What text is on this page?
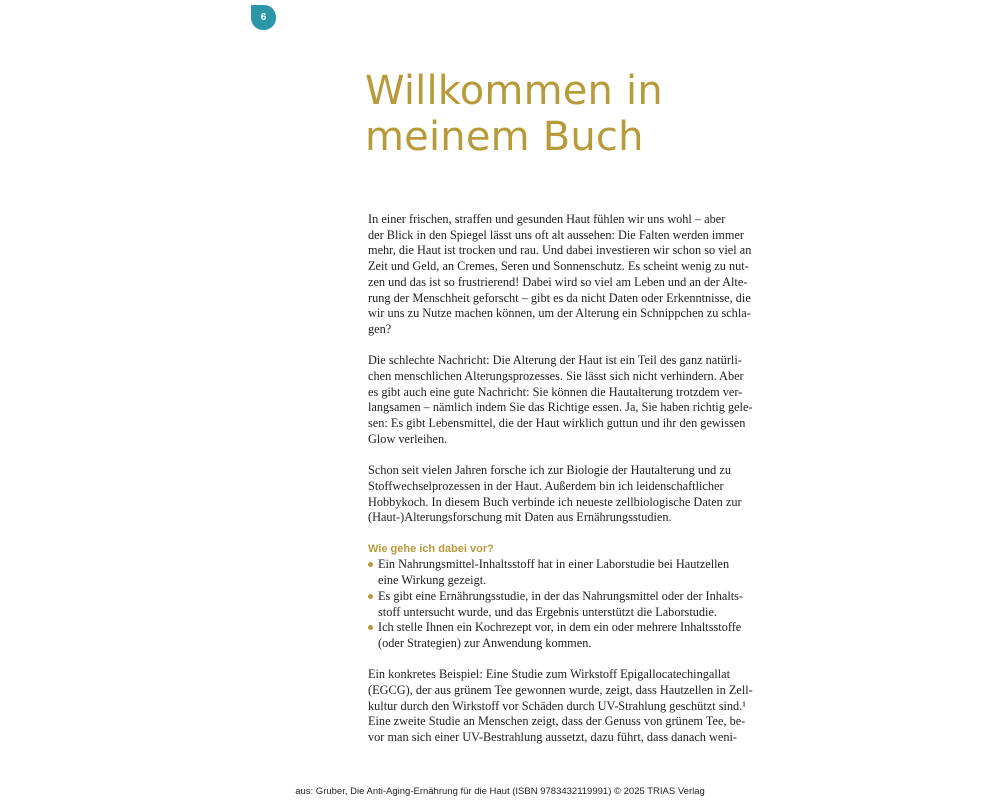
6
Willkommen in
meinem Buch

In einer frischen, straffen und gesunden Haut fühlen wir uns wohl – aber
der Blick in den Spiegel lässt uns oft alt aussehen: Die Falten werden immer
mehr, die Haut ist trocken und rau. Und dabei investieren wir schon so viel an
Zeit und Geld, an Cremes, Seren und Sonnenschutz. Es scheint wenig zu nut-
zen und das ist so frustrierend! Dabei wird so viel am Leben und an der Alte-
rung der Menschheit geforscht – gibt es da nicht Daten oder Erkenntnisse, die
wir uns zu Nutze machen können, um der Alterung ein Schnippchen zu schla-
gen?

Die schlechte Nachricht: Die Alterung der Haut ist ein Teil des ganz natürli-
chen menschlichen Alterungsprozesses. Sie lässt sich nicht verhindern. Aber
es gibt auch eine gute Nachricht: Sie können die Hautalterung trotzdem ver-
langsamen – nämlich indem Sie das Richtige essen. Ja, Sie haben richtig gele-
sen: Es gibt Lebensmittel, die der Haut wirklich guttun und ihr den gewissen
Glow verleihen.

Schon seit vielen Jahren forsche ich zur Biologie der Hautalterung und zu
Stoffwechselprozessen in der Haut. Außerdem bin ich leidenschaftlicher
Hobbykoch. In diesem Buch verbinde ich neueste zellbiologische Daten zur
(Haut-)Alterungsforschung mit Daten aus Ernährungsstudien.

Wie gehe ich dabei vor?
Ein Nahrungsmittel-Inhaltsstoff hat in einer Laborstudie bei Hautzellen
eine Wirkung gezeigt.
Es gibt eine Ernährungsstudie, in der das Nahrungsmittel oder der Inhalts-
stoff untersucht wurde, und das Ergebnis unterstützt die Laborstudie.
Ich stelle Ihnen ein Kochrezept vor, in dem ein oder mehrere Inhaltsstoffe
(oder Strategien) zur Anwendung kommen.

Ein konkretes Beispiel: Eine Studie zum Wirkstoff Epigallocatechingallat
(EGCG), der aus grünem Tee gewonnen wurde, zeigt, dass Hautzellen in Zell-
kultur durch den Wirkstoff vor Schäden durch UV-Strahlung geschützt sind.¹
Eine zweite Studie an Menschen zeigt, dass der Genuss von grünem Tee, be-
vor man sich einer UV-Bestrahlung aussetzt, dazu führt, dass danach weni-

aus: Gruber, Die Anti-Aging-Ernährung für die Haut (ISBN 9783432119991) © 2025 TRIAS Verlag
